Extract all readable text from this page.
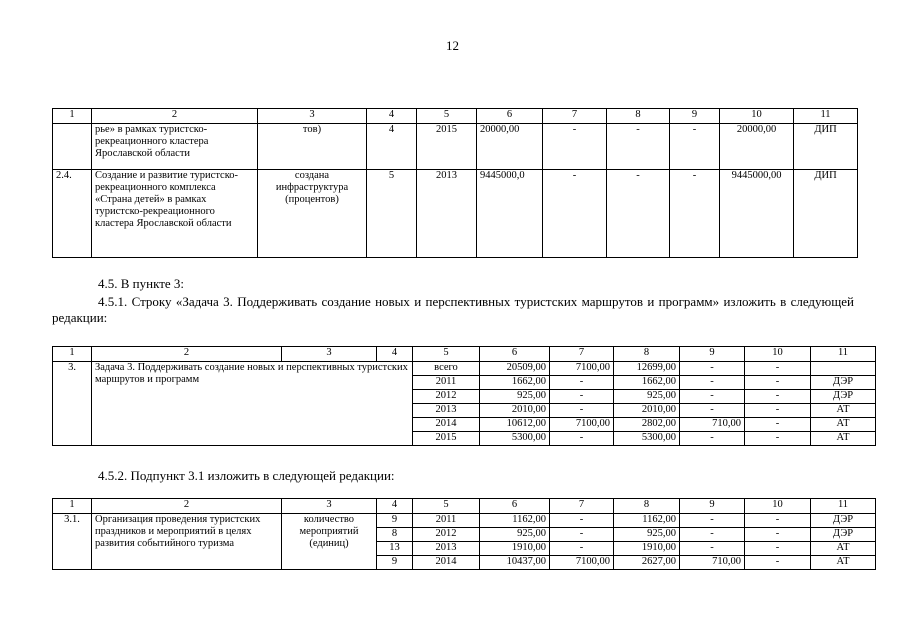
12
1	2	3	4	5	6	7	8	9	10	11
	рье» в рамках туристско-рекреационного кластера Ярославской области	тов)	4	2015	20000,00	-	-	-	20000,00	ДИП
2.4.	Создание и развитие туристско-рекреационного комплекса «Страна детей» в рамках туристско-рекреационного кластера Ярославской области	создана инфраструктура (процентов)	5	2013	9445000,0	-	-	-	9445000,00	ДИП
4.5. В пункте 3:
4.5.1. Строку «Задача 3. Поддерживать создание новых и перспективных туристских маршрутов и программ» изложить в следующей редакции:
1	2	3	4	5	6	7	8	9	10	11
3.	Задача 3. Поддерживать создание новых и перспективных туристских маршрутов и программ			всего	20509,00	7100,00	12699,00	-	-	
				2011	1662,00	-	1662,00	-	-	ДЭР
				2012	925,00	-	925,00	-	-	ДЭР
				2013	2010,00	-	2010,00	-	-	АТ
				2014	10612,00	7100,00	2802,00	710,00	-	АТ
				2015	5300,00	-	5300,00	-	-	АТ
4.5.2. Подпункт 3.1 изложить в следующей редакции:
1	2	3	4	5	6	7	8	9	10	11
3.1.	Организация проведения туристских праздников и мероприятий в целях развития событийного туризма	количество мероприятий (единиц)	9	2011	1162,00	-	1162,00	-	-	ДЭР
			8	2012	925,00	-	925,00	-	-	ДЭР
			13	2013	1910,00	-	1910,00	-	-	АТ
			9	2014	10437,00	7100,00	2627,00	710,00	-	АТ
